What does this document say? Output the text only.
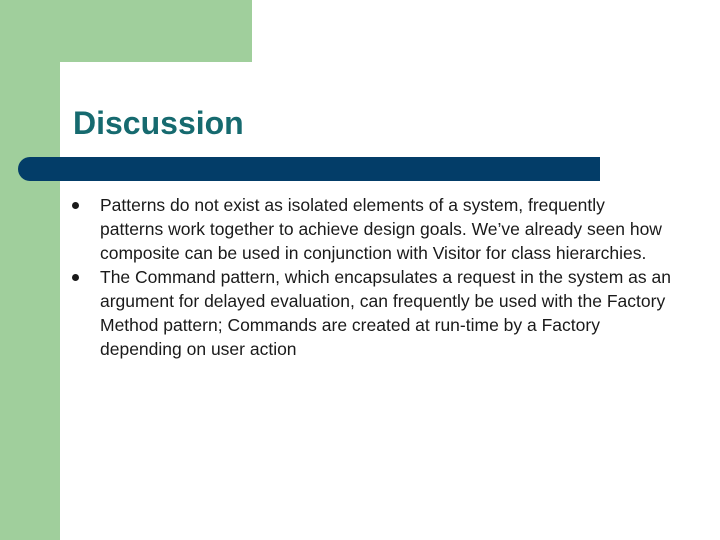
Discussion
Patterns do not exist as isolated elements of a system, frequently patterns work together to achieve design goals. We’ve already seen how composite can be used in conjunction with Visitor for class hierarchies.
The Command pattern, which encapsulates a request in the system as an argument for delayed evaluation, can frequently be used with the Factory Method pattern; Commands are created at run-time by a Factory depending on user action
